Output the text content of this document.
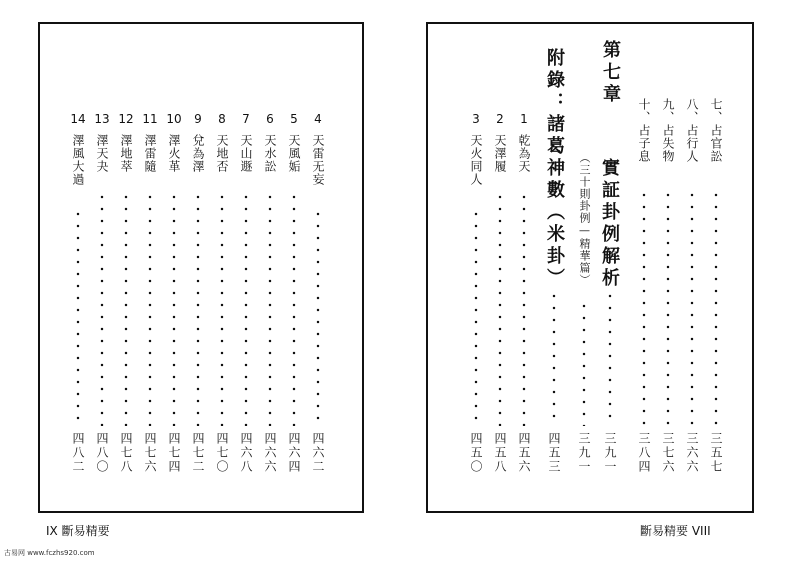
4
天雷无妄
四六二
5
天風姤
四六四
6
天水訟
四六六
7
天山遯
四六八
8
天地否
四七〇
9
兌為澤
四七二
10
澤火革
四七四
11
澤雷隨
四七六
12
澤地萃
四七八
13
澤天夬
四八〇
14
澤風大過
四八二
七、占官訟
三五七
八、占行人
三六六
九、占失物
三七六
十、占子息
三八四
第七章
三九一
實証卦例解析
（三十則卦例—精華篇）
三九一
附錄：諸葛神數（米卦）
四五三
1
乾為天
四五六
2
天澤履
四五八
3
天火同人
四五〇
IX 斷易精要	斷易精要 VIII
古易网 www.fczhs920.com
